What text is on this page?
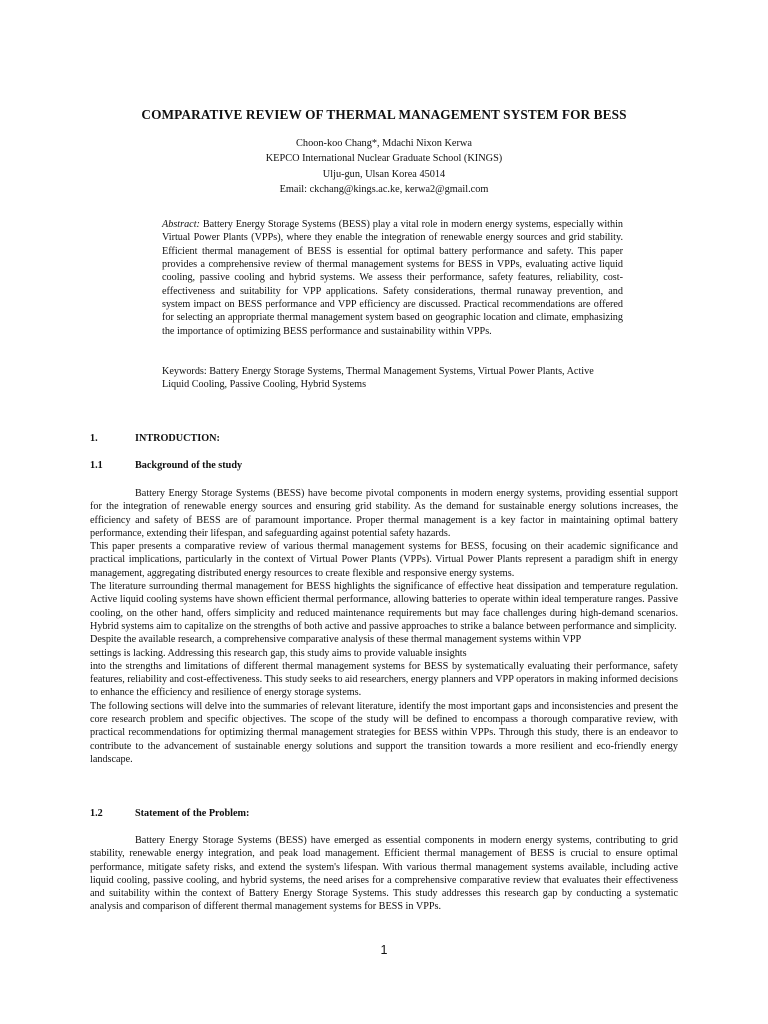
COMPARATIVE REVIEW OF THERMAL MANAGEMENT SYSTEM FOR BESS
Choon-koo Chang*, Mdachi Nixon Kerwa
KEPCO International Nuclear Graduate School (KINGS)
Ulju-gun, Ulsan Korea 45014
Email: ckchang@kings.ac.ke, kerwa2@gmail.com
Abstract: Battery Energy Storage Systems (BESS) play a vital role in modern energy systems, especially within Virtual Power Plants (VPPs), where they enable the integration of renewable energy sources and grid stability. Efficient thermal management of BESS is essential for optimal battery performance and safety. This paper provides a comprehensive review of thermal management systems for BESS in VPPs, evaluating active liquid cooling, passive cooling and hybrid systems. We assess their performance, safety features, reliability, cost-effectiveness and suitability for VPP applications. Safety considerations, thermal runaway prevention, and system impact on BESS performance and VPP efficiency are discussed. Practical recommendations are offered for selecting an appropriate thermal management system based on geographic location and climate, emphasizing the importance of optimizing BESS performance and sustainability within VPPs.
Keywords: Battery Energy Storage Systems, Thermal Management Systems, Virtual Power Plants, Active Liquid Cooling, Passive Cooling, Hybrid Systems
1.	INTRODUCTION:
1.1	Background of the study

Battery Energy Storage Systems (BESS) have become pivotal components in modern energy systems, providing essential support for the integration of renewable energy sources and ensuring grid stability. As the demand for sustainable energy solutions increases, the efficiency and safety of BESS are of paramount importance. Proper thermal management is a key factor in maintaining optimal battery performance, extending their lifespan, and safeguarding against potential safety hazards.

This paper presents a comparative review of various thermal management systems for BESS, focusing on their academic significance and practical implications, particularly in the context of Virtual Power Plants (VPPs). Virtual Power Plants represent a paradigm shift in energy management, aggregating distributed energy resources to create flexible and responsive energy systems.

The literature surrounding thermal management for BESS highlights the significance of effective heat dissipation and temperature regulation. Active liquid cooling systems have shown efficient thermal performance, allowing batteries to operate within ideal temperature ranges. Passive cooling, on the other hand, offers simplicity and reduced maintenance requirements but may face challenges during high-demand scenarios. Hybrid systems aim to capitalize on the strengths of both active and passive approaches to strike a balance between performance and simplicity.

Despite the available research, a comprehensive comparative analysis of these thermal management systems within VPP

settings is lacking. Addressing this research gap, this study aims to provide valuable insights

into the strengths and limitations of different thermal management systems for BESS by systematically evaluating their performance, safety features, reliability and cost-effectiveness. This study seeks to aid researchers, energy planners and VPP operators in making informed decisions to enhance the efficiency and resilience of energy storage systems.

The following sections will delve into the summaries of relevant literature, identify the most important gaps and inconsistencies and present the core research problem and specific objectives. The scope of the study will be defined to encompass a thorough comparative review, with practical recommendations for optimizing thermal management strategies for BESS within VPPs. Through this study, there is an endeavor to contribute to the advancement of sustainable energy solutions and support the transition towards a more resilient and eco-friendly energy landscape.

1.2	Statement of the Problem:

Battery Energy Storage Systems (BESS) have emerged as essential components in modern energy systems, contributing to grid stability, renewable energy integration, and peak load management. Efficient thermal management of BESS is crucial to ensure optimal performance, mitigate safety risks, and extend the system's lifespan. With various thermal management systems available, including active liquid cooling, passive cooling, and hybrid systems, the need arises for a comprehensive comparative review that evaluates their effectiveness and suitability within the context of Battery Energy Storage Systems. This study addresses this research gap by conducting a systematic analysis and comparison of different thermal management systems for BESS in VPPs.

1
